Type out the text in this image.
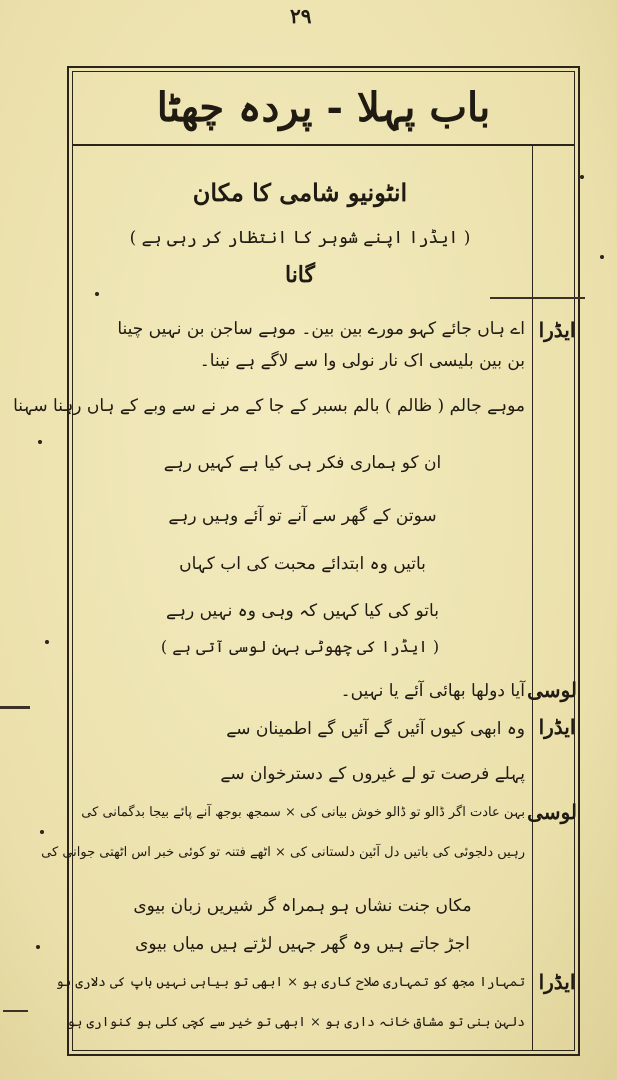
۲۹
باب پہلا - پردہ چھٹا
انٹونیو شامی کا مکان
( ایڈرا اپنے شوہر کا انتظار کر رہی ہے )
گانا
ایڈرا
اے ہاں جائے کہو مورے بین بین۔ موہے ساجن بن نہیں چینا
بن بین بلیسی اک نار نولی وا سے لاگے ہے نینا۔
موہے جالم ( ظالم ) بالم بسبر کے جا کے مر نے سے وبے کے ہاں رہنا سہنا
ان کو ہماری فکر ہی کیا ہے کہیں رہے
سوتن کے گھر سے آنے تو آئے وہیں رہے
باتیں وہ ابتدائے محبت کی اب کہاں
باتو کی کیا کہیں کہ وہی وہ نہیں رہے
( ایڈرا کی چھوٹی بہن لوسی آتی ہے )
لوسی
آیا دولھا بھائی آئے یا نہیں۔
ایڈرا
وہ ابھی کیوں آئیں گے آئیں گے اطمینان سے
پہلے فرصت تو لے غیروں کے دسترخوان سے
لوسی
بہن عادت اگر ڈالو تو ڈالو خوش بیانی کی × سمجھ بوجھ آنے پائے بیجا بدگمانی کی
رہیں دلجوئی کی باتیں دل آئین دلستانی کی × اٹھے فتنہ تو کوئی خبر اس اٹھتی جوانی کی
مکاں جنت نشاں ہو ہمراہ گر شیریں زبان بیوی
اجڑ جاتے ہیں وہ گھر جہیں لڑتے ہیں میاں بیوی
ایڈرا
تمہارا مجھ کو تمہاری صلاح کاری ہو × ابھی تو بیاہی نہیں باپ کی دلاری ہو
دلہن بنی تو مشاق خانہ داری ہو × ابھی تو خیر سے کچی کلی ہو کنواری ہو
